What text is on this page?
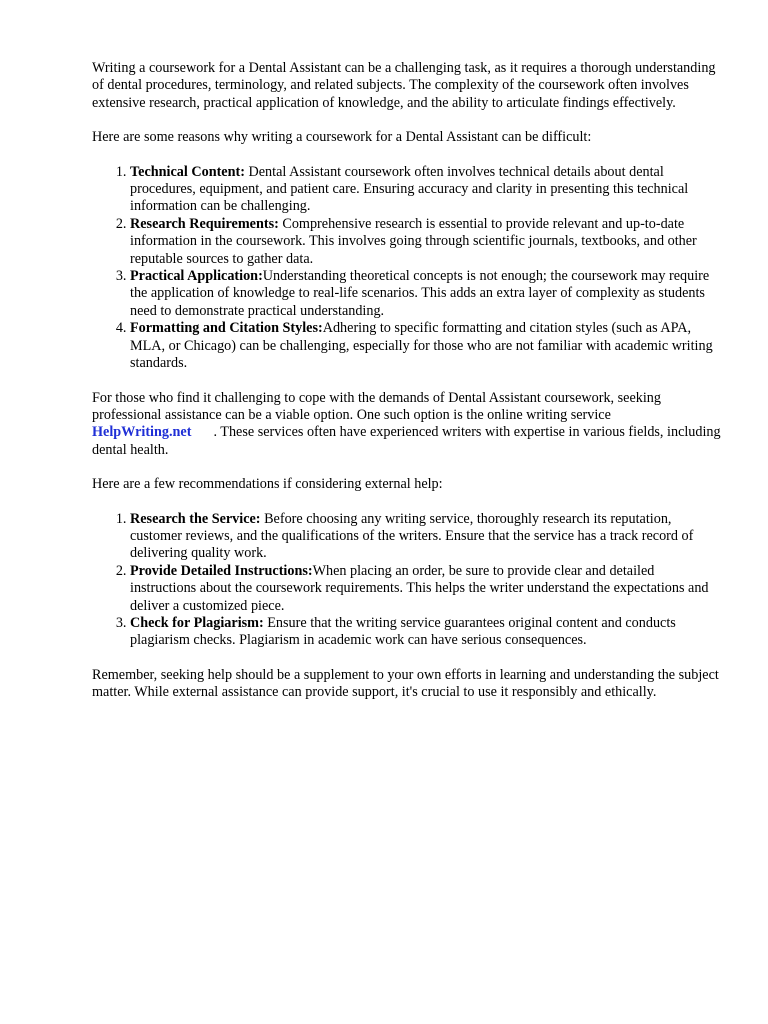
Writing a coursework for a Dental Assistant can be a challenging task, as it requires a thorough understanding of dental procedures, terminology, and related subjects. The complexity of the coursework often involves extensive research, practical application of knowledge, and the ability to articulate findings effectively.

Here are some reasons why writing a coursework for a Dental Assistant can be difficult:

1. Technical Content: Dental Assistant coursework often involves technical details about dental procedures, equipment, and patient care. Ensuring accuracy and clarity in presenting this technical information can be challenging.
2. Research Requirements: Comprehensive research is essential to provide relevant and up-to-date information in the coursework. This involves going through scientific journals, textbooks, and other reputable sources to gather data.
3. Practical Application:Understanding theoretical concepts is not enough; the coursework may require the application of knowledge to real-life scenarios. This adds an extra layer of complexity as students need to demonstrate practical understanding.
4. Formatting and Citation Styles:Adhering to specific formatting and citation styles (such as APA, MLA, or Chicago) can be challenging, especially for those who are not familiar with academic writing standards.

For those who find it challenging to cope with the demands of Dental Assistant coursework, seeking professional assistance can be a viable option. One such option is the online writing service
HelpWriting.net . These services often have experienced writers with expertise in various fields, including dental health.

Here are a few recommendations if considering external help:

1. Research the Service: Before choosing any writing service, thoroughly research its reputation, customer reviews, and the qualifications of the writers. Ensure that the service has a track record of delivering quality work.
2. Provide Detailed Instructions:When placing an order, be sure to provide clear and detailed instructions about the coursework requirements. This helps the writer understand the expectations and deliver a customized piece.
3. Check for Plagiarism: Ensure that the writing service guarantees original content and conducts plagiarism checks. Plagiarism in academic work can have serious consequences.

Remember, seeking help should be a supplement to your own efforts in learning and understanding the subject matter. While external assistance can provide support, it's crucial to use it responsibly and ethically.
